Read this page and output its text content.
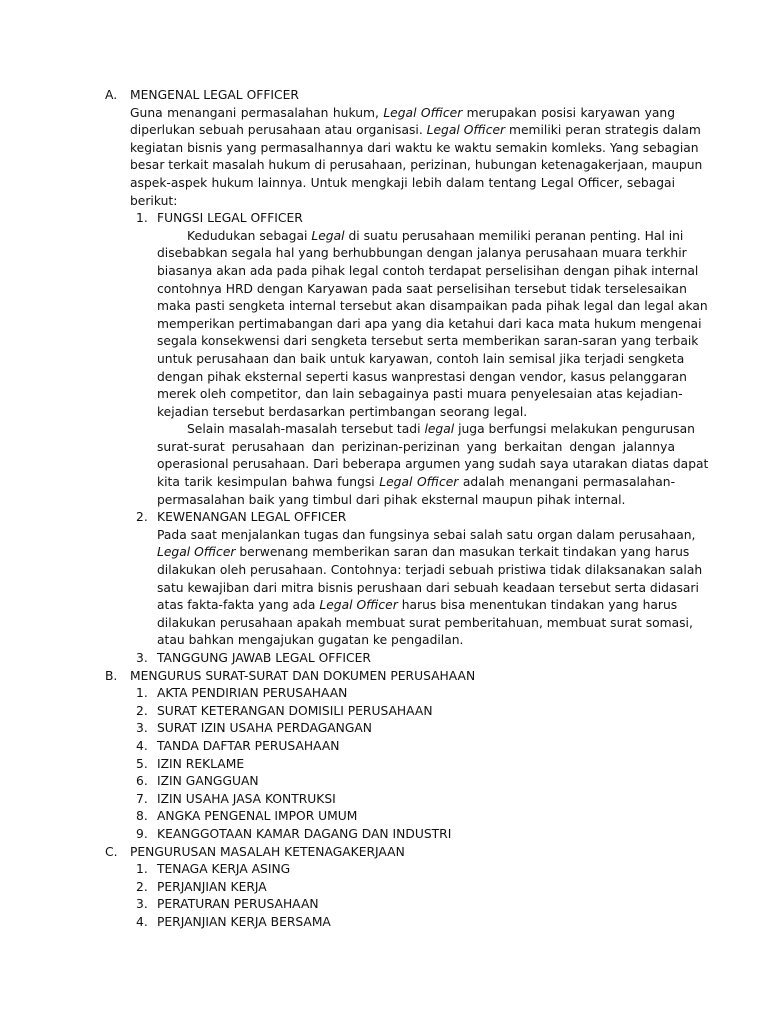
A. MENGENAL LEGAL OFFICER
Guna menangani permasalahan hukum, Legal Officer merupakan posisi karyawan yang
diperlukan sebuah perusahaan atau organisasi. Legal Officer memiliki peran strategis dalam
kegiatan bisnis yang permasalhannya dari waktu ke waktu semakin komleks. Yang sebagian
besar terkait masalah hukum di perusahaan, perizinan, hubungan ketenagakerjaan, maupun
aspek-aspek hukum lainnya. Untuk mengkaji lebih dalam tentang Legal Officer, sebagai
berikut:
1. FUNGSI LEGAL OFFICER
Kedudukan sebagai Legal di suatu perusahaan memiliki peranan penting. Hal ini
disebabkan segala hal yang berhubbungan dengan jalanya perusahaan muara terkhir
biasanya akan ada pada pihak legal contoh terdapat perselisihan dengan pihak internal
contohnya HRD dengan Karyawan pada saat perselisihan tersebut tidak terselesaikan
maka pasti sengketa internal tersebut akan disampaikan pada pihak legal dan legal akan
memperikan pertimabangan dari apa yang dia ketahui dari kaca mata hukum mengenai
segala konsekwensi dari sengketa tersebut serta memberikan saran-saran yang terbaik
untuk perusahaan dan baik untuk karyawan, contoh lain semisal jika terjadi sengketa
dengan pihak eksternal seperti kasus wanprestasi dengan vendor, kasus pelanggaran
merek oleh competitor, dan lain sebagainya pasti muara penyelesaian atas kejadian-
kejadian tersebut berdasarkan pertimbangan seorang legal.
Selain masalah-masalah tersebut tadi legal juga berfungsi melakukan pengurusan
surat-surat perusahaan dan perizinan-perizinan yang berkaitan dengan jalannya
operasional perusahaan. Dari beberapa argumen yang sudah saya utarakan diatas dapat
kita tarik kesimpulan bahwa fungsi Legal Officer adalah menangani permasalahan-
permasalahan baik yang timbul dari pihak eksternal maupun pihak internal.
2. KEWENANGAN LEGAL OFFICER
Pada saat menjalankan tugas dan fungsinya sebai salah satu organ dalam perusahaan,
Legal Officer berwenang memberikan saran dan masukan terkait tindakan yang harus
dilakukan oleh perusahaan. Contohnya: terjadi sebuah pristiwa tidak dilaksanakan salah
satu kewajiban dari mitra bisnis perushaan dari sebuah keadaan tersebut serta didasari
atas fakta-fakta yang ada Legal Officer harus bisa menentukan tindakan yang harus
dilakukan perusahaan apakah membuat surat pemberitahuan, membuat surat somasi,
atau bahkan mengajukan gugatan ke pengadilan.
3. TANGGUNG JAWAB LEGAL OFFICER
B. MENGURUS SURAT-SURAT DAN DOKUMEN PERUSAHAAN
1. AKTA PENDIRIAN PERUSAHAAN
2. SURAT KETERANGAN DOMISILI PERUSAHAAN
3. SURAT IZIN USAHA PERDAGANGAN
4. TANDA DAFTAR PERUSAHAAN
5. IZIN REKLAME
6. IZIN GANGGUAN
7. IZIN USAHA JASA KONTRUKSI
8. ANGKA PENGENAL IMPOR UMUM
9. KEANGGOTAAN KAMAR DAGANG DAN INDUSTRI
C. PENGURUSAN MASALAH KETENAGAKERJAAN
1. TENAGA KERJA ASING
2. PERJANJIAN KERJA
3. PERATURAN PERUSAHAAN
4. PERJANJIAN KERJA BERSAMA
